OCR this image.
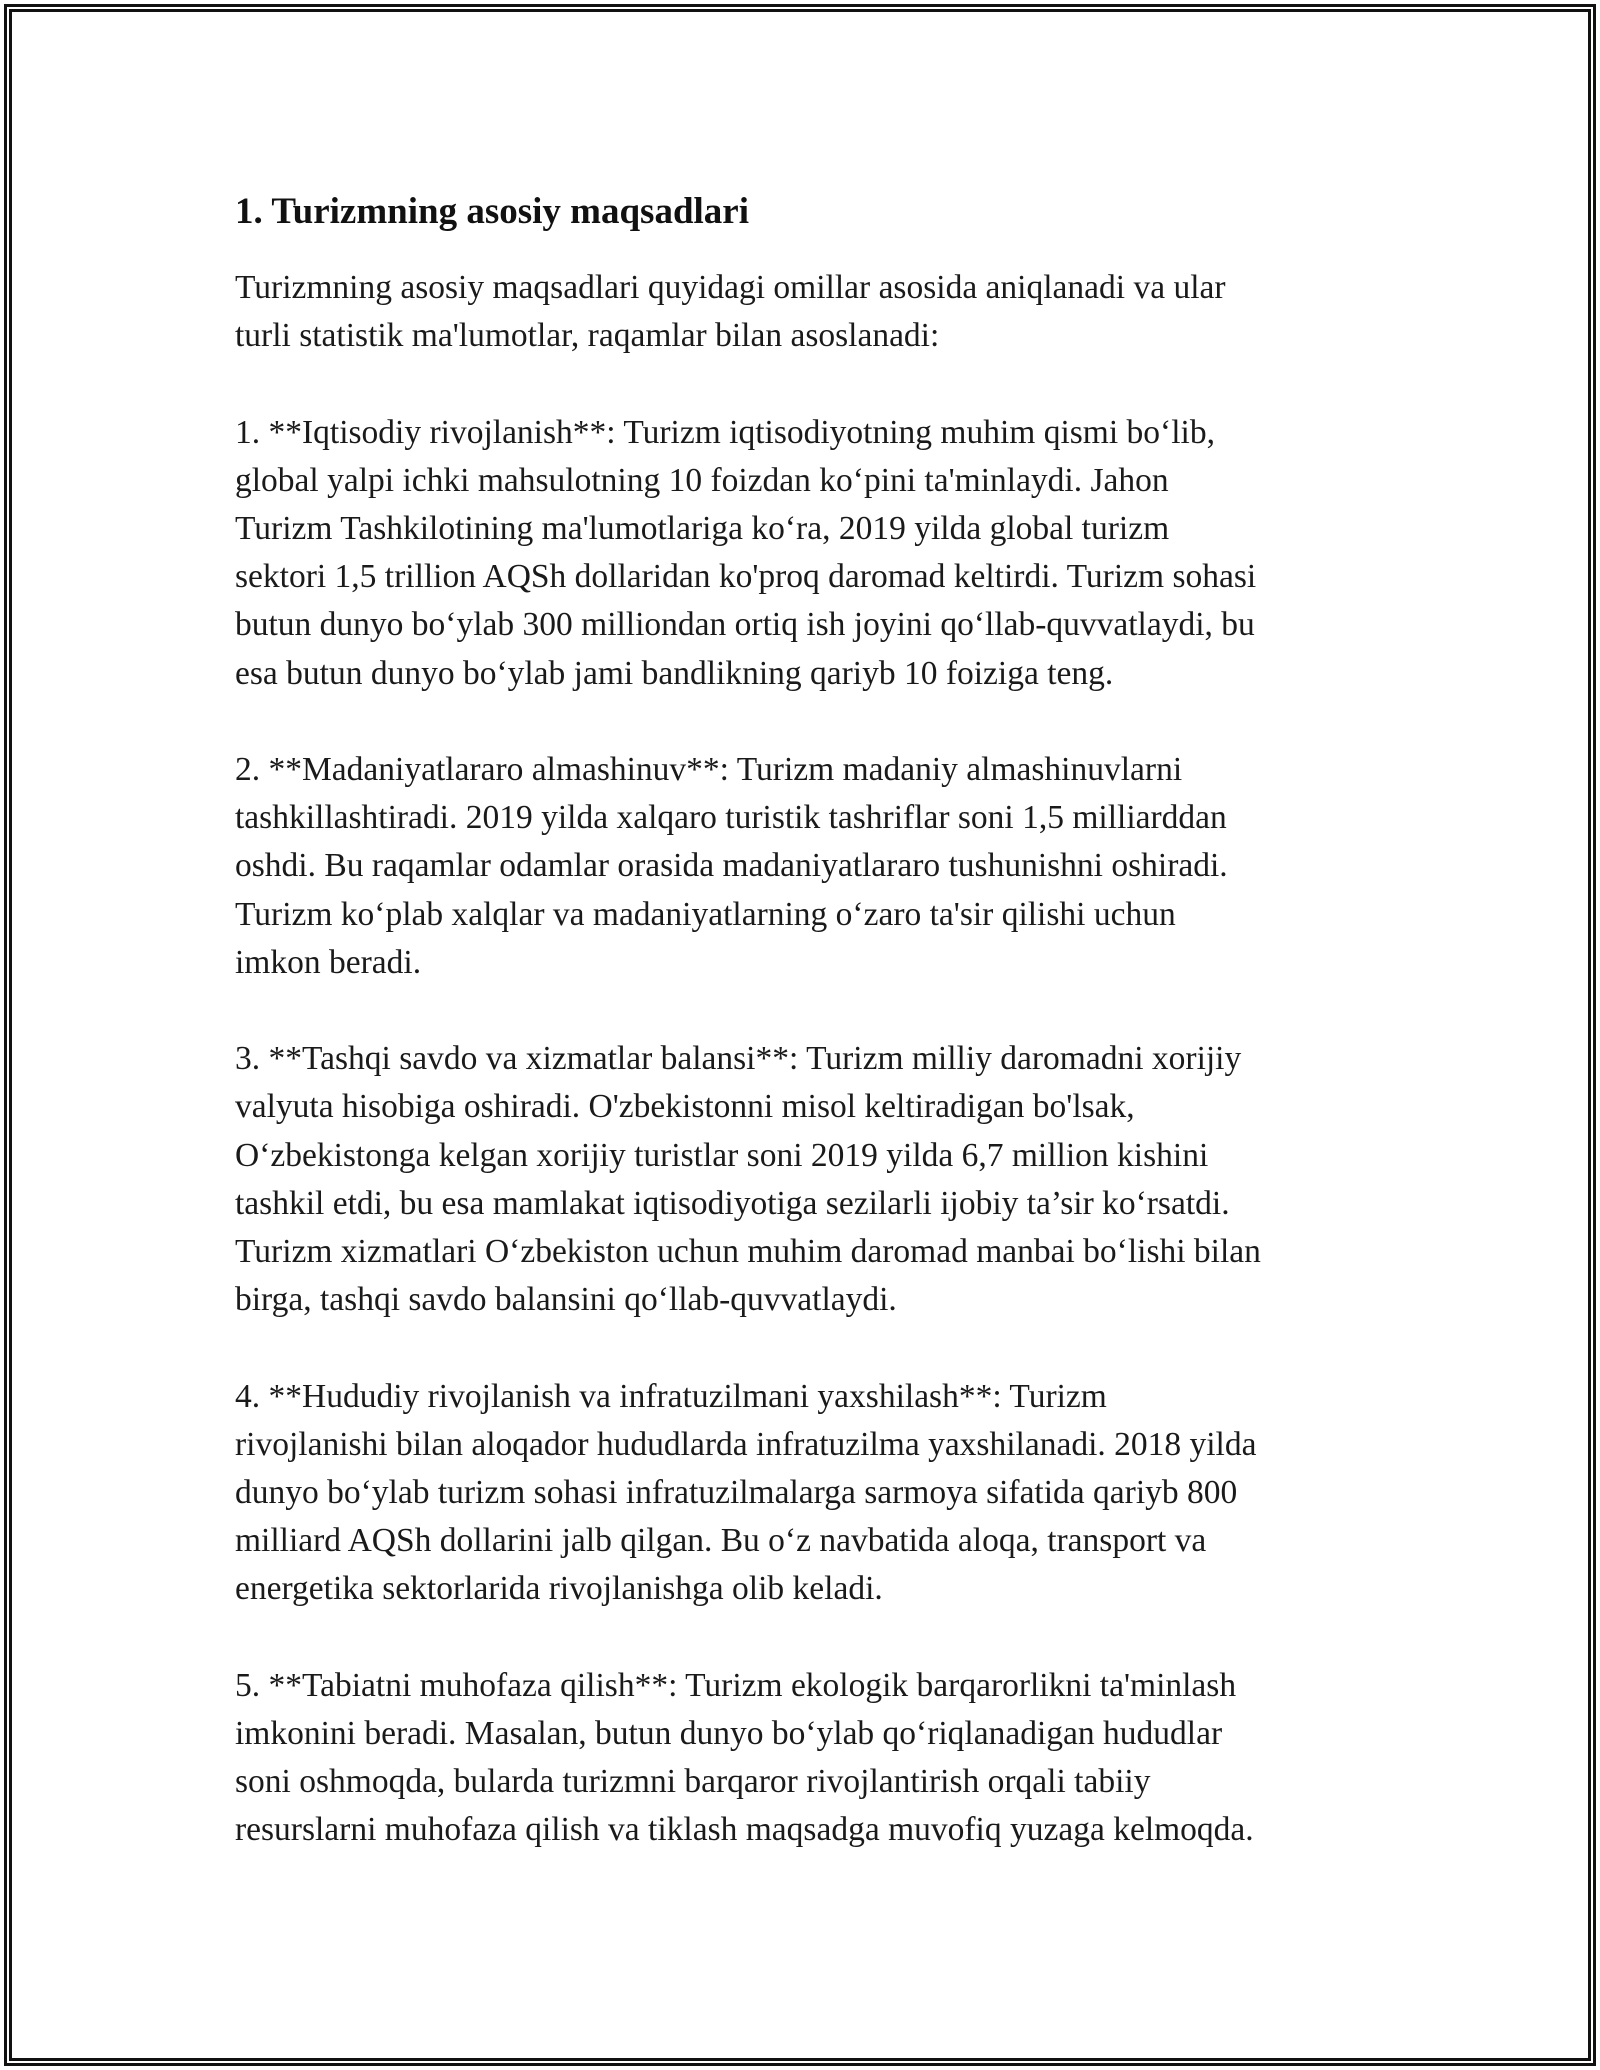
1. Turizmning asosiy maqsadlari

Turizmning asosiy maqsadlari quyidagi omillar asosida aniqlanadi va ular
turli statistik ma'lumotlar, raqamlar bilan asoslanadi:

1. **Iqtisodiy rivojlanish**: Turizm iqtisodiyotning muhim qismi bo‘lib,
global yalpi ichki mahsulotning 10 foizdan ko‘pini ta'minlaydi. Jahon
Turizm Tashkilotining ma'lumotlariga ko‘ra, 2019 yilda global turizm
sektori 1,5 trillion AQSh dollaridan ko'proq daromad keltirdi. Turizm sohasi
butun dunyo bo‘ylab 300 milliondan ortiq ish joyini qo‘llab-quvvatlaydi, bu
esa butun dunyo bo‘ylab jami bandlikning qariyb 10 foiziga teng.

2. **Madaniyatlararo almashinuv**: Turizm madaniy almashinuvlarni
tashkillashtiradi. 2019 yilda xalqaro turistik tashriflar soni 1,5 milliarddan
oshdi. Bu raqamlar odamlar orasida madaniyatlararo tushunishni oshiradi.
Turizm ko‘plab xalqlar va madaniyatlarning o‘zaro ta'sir qilishi uchun
imkon beradi.

3. **Tashqi savdo va xizmatlar balansi**: Turizm milliy daromadni xorijiy
valyuta hisobiga oshiradi. O'zbekistonni misol keltiradigan bo'lsak,
O‘zbekistonga kelgan xorijiy turistlar soni 2019 yilda 6,7 million kishini
tashkil etdi, bu esa mamlakat iqtisodiyotiga sezilarli ijobiy ta’sir ko‘rsatdi.
Turizm xizmatlari O‘zbekiston uchun muhim daromad manbai bo‘lishi bilan
birga, tashqi savdo balansini qo‘llab-quvvatlaydi.

4. **Hududiy rivojlanish va infratuzilmani yaxshilash**: Turizm
rivojlanishi bilan aloqador hududlarda infratuzilma yaxshilanadi. 2018 yilda
dunyo bo‘ylab turizm sohasi infratuzilmalarga sarmoya sifatida qariyb 800
milliard AQSh dollarini jalb qilgan. Bu o‘z navbatida aloqa, transport va
energetika sektorlarida rivojlanishga olib keladi.

5. **Tabiatni muhofaza qilish**: Turizm ekologik barqarorlikni ta'minlash
imkonini beradi. Masalan, butun dunyo bo‘ylab qo‘riqlanadigan hududlar
soni oshmoqda, bularda turizmni barqaror rivojlantirish orqali tabiiy
resurslarni muhofaza qilish va tiklash maqsadga muvofiq yuzaga kelmoqda.
